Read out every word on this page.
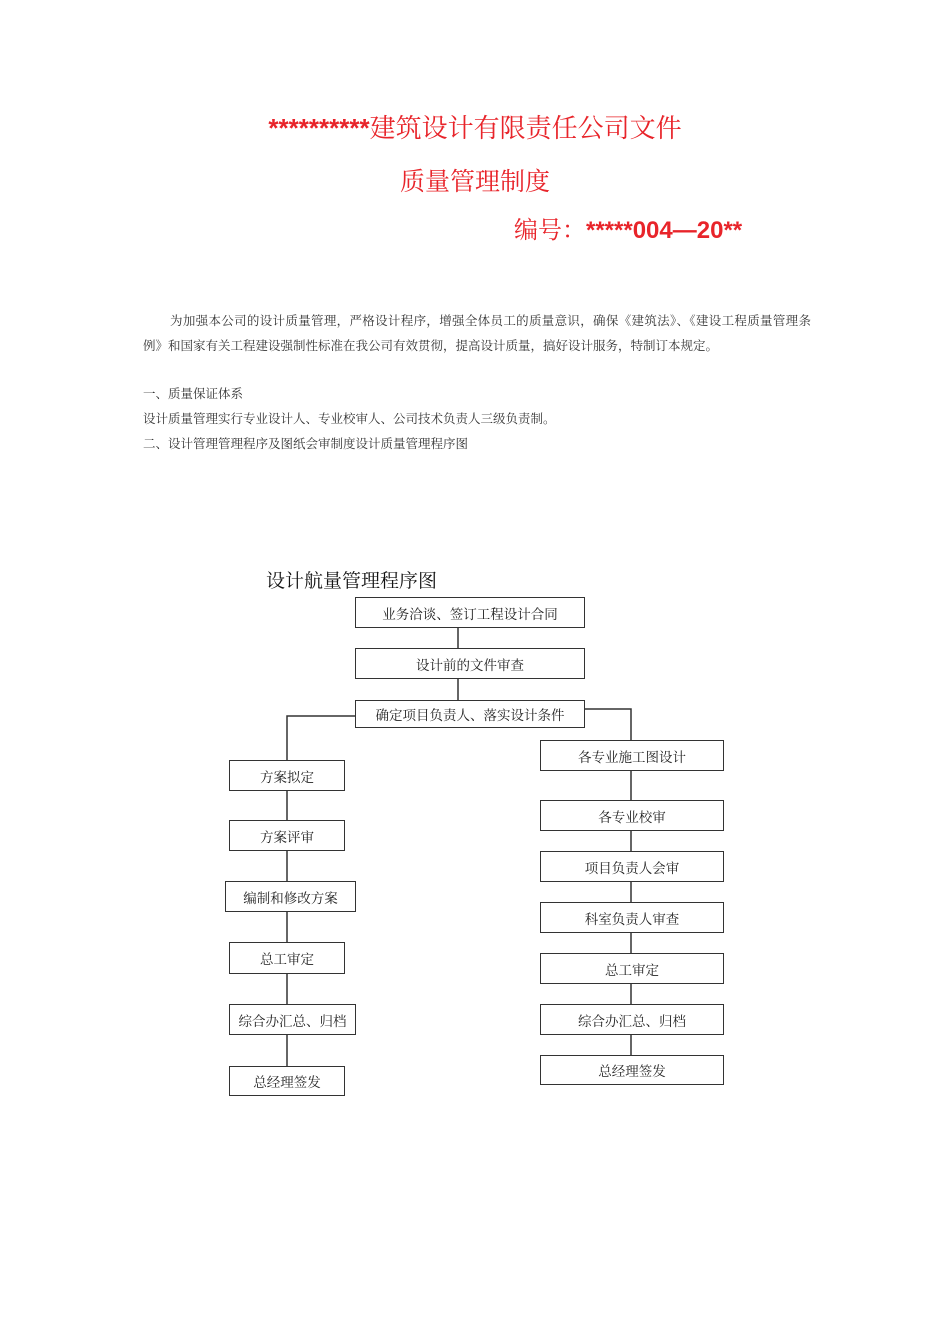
**********建筑设计有限责任公司文件
质量管理制度
编号：*****004—20**
为加强本公司的设计质量管理，严格设计程序，增强全体员工的质量意识，确保《建筑法》、《建设工程质量管理条例》和国家有关工程建设强制性标准在我公司有效贯彻，提高设计质量，搞好设计服务，特制订本规定。
一、质量保证体系
设计质量管理实行专业设计人、专业校审人、公司技术负责人三级负责制。
二、设计管理管理程序及图纸会审制度设计质量管理程序图
设计航量管理程序图
业务洽谈、签订工程设计合同
设计前的文件审查
确定项目负责人、落实设计条件
方案拟定
方案评审
编制和修改方案
总工审定
综合办汇总、归档
总经理签发
各专业施工图设计
各专业校审
项目负责人会审
科室负责人审查
总工审定
综合办汇总、归档
总经理签发
